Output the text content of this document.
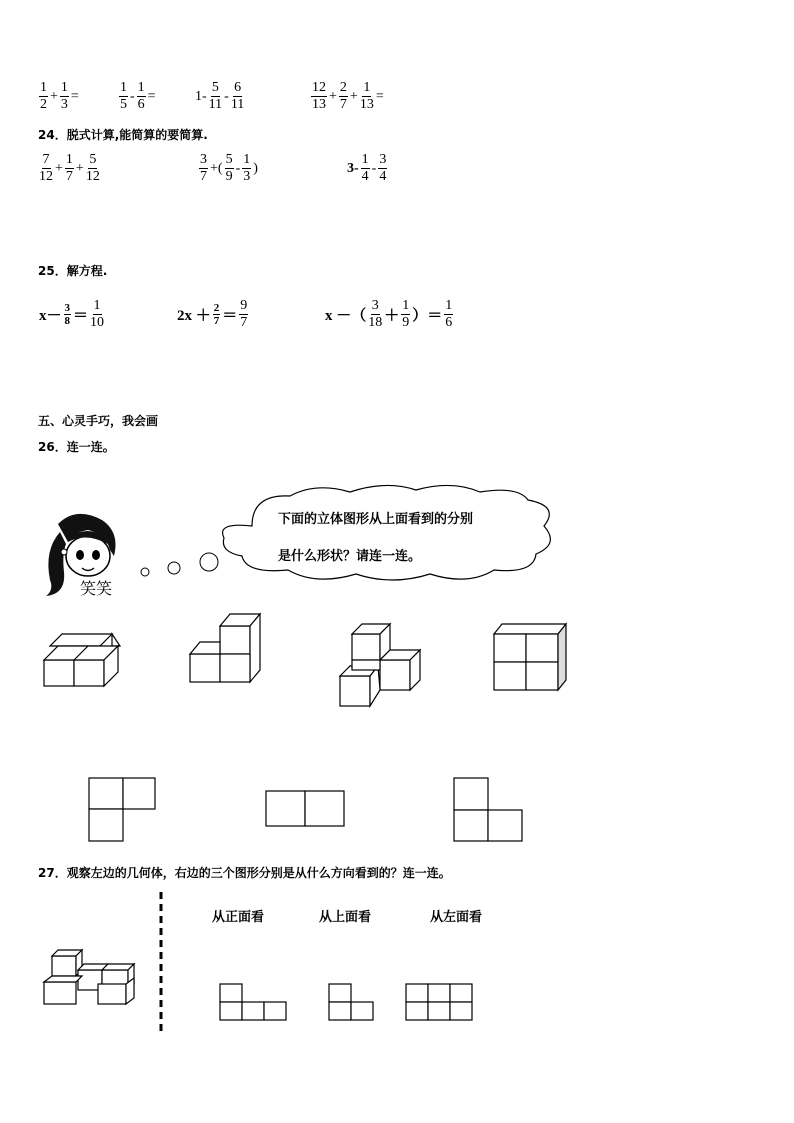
$\frac{1}{2} + \frac{1}{3}$ =	$\frac{1}{5} - \frac{1}{6}$ =	$1- \frac{5}{11} - \frac{6}{11}$	$\frac{12}{13} + \frac{2}{7} + \frac{1}{13}$ =
24．脱式计算,能简算的要简算.
$\frac{7}{12} + \frac{1}{7} + \frac{5}{12}$	$\frac{3}{7}$ +( $\frac{5}{9} - \frac{1}{3}$ )	$3- \frac{1}{4} - \frac{3}{4}$
25．解方程.
$x- \frac{3}{8} = \frac{1}{10}$	$2x + \frac{2}{7} = \frac{9}{7}$	x －（ $\frac{3}{18} + \frac{1}{9}$ ）＝ $\frac{1}{6}$
五、心灵手巧，我会画
26．连一连。
笑笑
下面的立体图形从上面看到的分别
是什么形状？请连一连。
27．观察左边的几何体，右边的三个图形分别是从什么方向看到的？连一连。
从正面看	从上面看	从左面看
